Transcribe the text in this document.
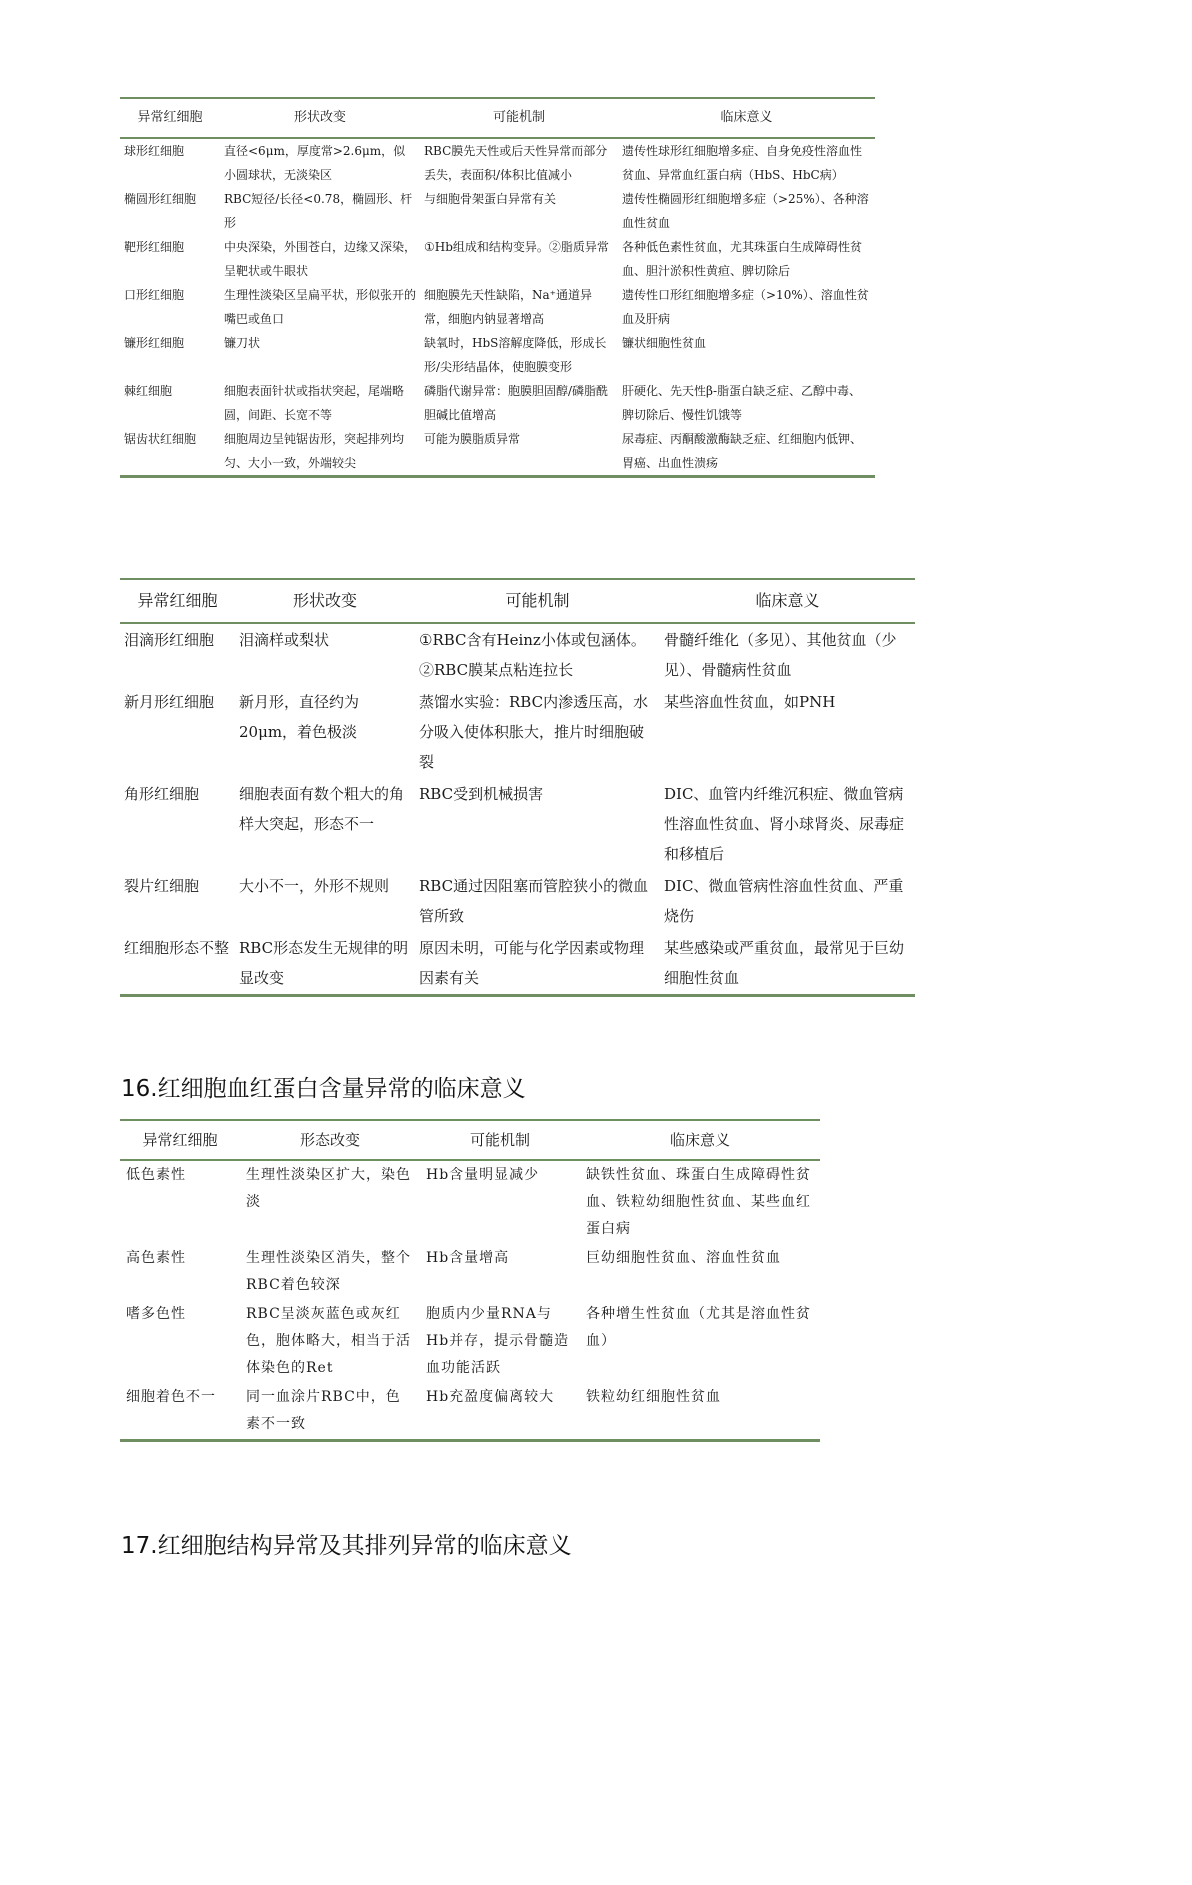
异常红细胞	形状改变	可能机制	临床意义
球形红细胞	直径<6μm，厚度常>2.6μm，似小圆球状，无淡染区	RBC膜先天性或后天性异常而部分丢失，表面积/体积比值减小	遗传性球形红细胞增多症、自身免疫性溶血性贫血、异常血红蛋白病（HbS、HbC病）
椭圆形红细胞	RBC短径/长径<0.78，椭圆形、杆形	与细胞骨架蛋白异常有关	遗传性椭圆形红细胞增多症（>25%）、各种溶血性贫血
靶形红细胞	中央深染，外围苍白，边缘又深染，呈靶状或牛眼状	①Hb组成和结构变异。②脂质异常	各种低色素性贫血，尤其珠蛋白生成障碍性贫血、胆汁淤积性黄疸、脾切除后
口形红细胞	生理性淡染区呈扁平状，形似张开的嘴巴或鱼口	细胞膜先天性缺陷，Na⁺通道异常，细胞内钠显著增高	遗传性口形红细胞增多症（>10%）、溶血性贫血及肝病
镰形红细胞	镰刀状	缺氧时，HbS溶解度降低，形成长形/尖形结晶体，使胞膜变形	镰状细胞性贫血
棘红细胞	细胞表面针状或指状突起，尾端略圆，间距、长宽不等	磷脂代谢异常：胞膜胆固醇/磷脂酰胆碱比值增高	肝硬化、先天性β-脂蛋白缺乏症、乙醇中毒、脾切除后、慢性饥饿等
锯齿状红细胞	细胞周边呈钝锯齿形，突起排列均匀、大小一致，外端较尖	可能为膜脂质异常	尿毒症、丙酮酸激酶缺乏症、红细胞内低钾、胃癌、出血性溃疡
异常红细胞	形状改变	可能机制	临床意义
泪滴形红细胞	泪滴样或梨状	①RBC含有Heinz小体或包涵体。②RBC膜某点粘连拉长	骨髓纤维化（多见）、其他贫血（少见）、骨髓病性贫血
新月形红细胞	新月形，直径约为20μm，着色极淡	蒸馏水实验：RBC内渗透压高，水分吸入使体积胀大，推片时细胞破裂	某些溶血性贫血，如PNH
角形红细胞	细胞表面有数个粗大的角样大突起，形态不一	RBC受到机械损害	DIC、血管内纤维沉积症、微血管病性溶血性贫血、肾小球肾炎、尿毒症和移植后
裂片红细胞	大小不一，外形不规则	RBC通过因阻塞而管腔狭小的微血管所致	DIC、微血管病性溶血性贫血、严重烧伤
红细胞形态不整	RBC形态发生无规律的明显改变	原因未明，可能与化学因素或物理因素有关	某些感染或严重贫血，最常见于巨幼细胞性贫血
16.红细胞血红蛋白含量异常的临床意义
异常红细胞	形态改变	可能机制	临床意义
低色素性	生理性淡染区扩大，染色淡	Hb含量明显减少	缺铁性贫血、珠蛋白生成障碍性贫血、铁粒幼细胞性贫血、某些血红蛋白病
高色素性	生理性淡染区消失，整个RBC着色较深	Hb含量增高	巨幼细胞性贫血、溶血性贫血
嗜多色性	RBC呈淡灰蓝色或灰红色，胞体略大，相当于活体染色的Ret	胞质内少量RNA与Hb并存，提示骨髓造血功能活跃	各种增生性贫血（尤其是溶血性贫血）
细胞着色不一	同一血涂片RBC中，色素不一致	Hb充盈度偏离较大	铁粒幼红细胞性贫血
17.红细胞结构异常及其排列异常的临床意义
